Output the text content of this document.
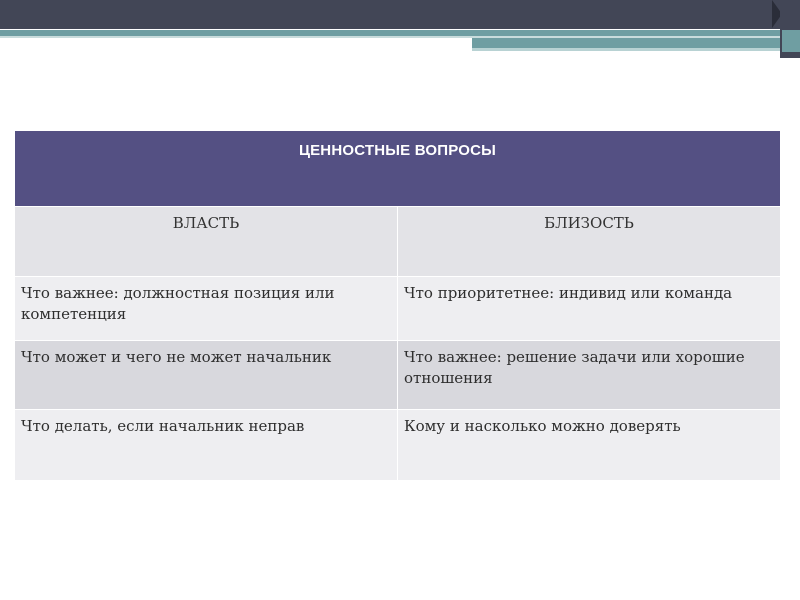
ЦЕННОСТНЫЕ ВОПРОСЫ	
ВЛАСТЬ	БЛИЗОСТЬ
Что важнее: должностная позиция или компетенция	Что приоритетнее: индивид или команда
Что может и чего не может начальник	Что важнее: решение задачи или хорошие отношения
Что делать, если начальник неправ	Кому и насколько можно доверять
